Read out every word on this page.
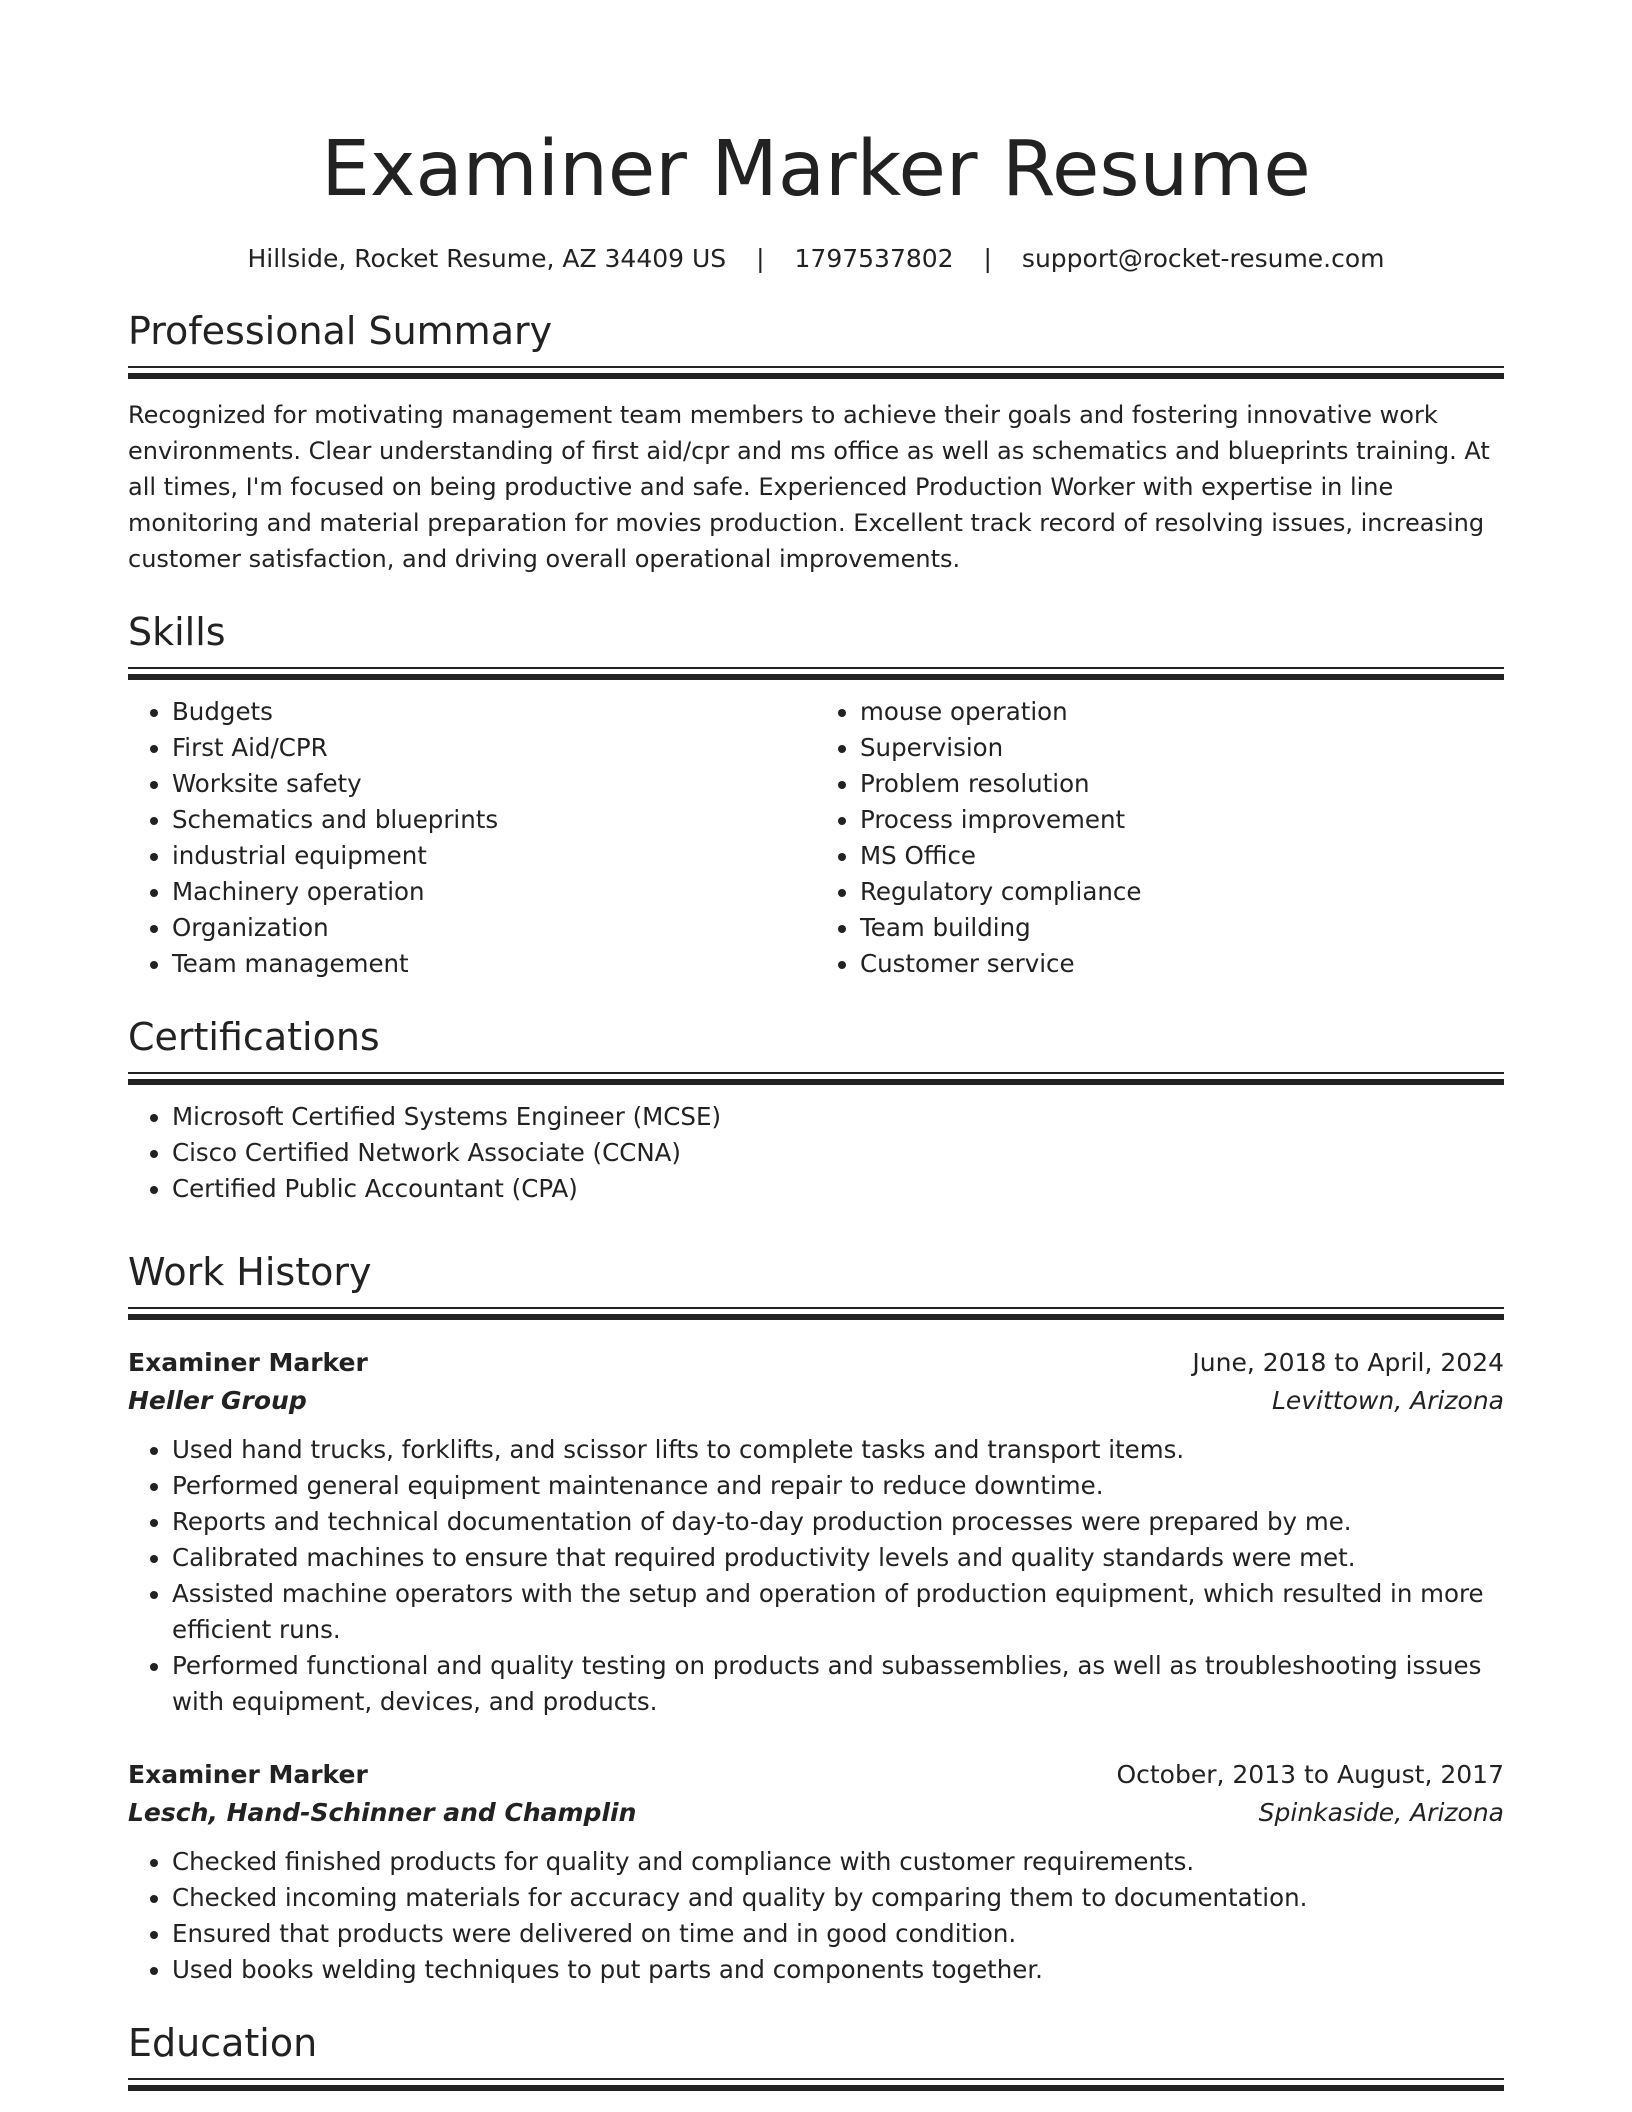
Examiner Marker Resume
Hillside, Rocket Resume, AZ 34409 US | 1797537802 | support@rocket-resume.com
Professional Summary
Recognized for motivating management team members to achieve their goals and fostering innovative work environments. Clear understanding of first aid/cpr and ms office as well as schematics and blueprints training. At all times, I'm focused on being productive and safe. Experienced Production Worker with expertise in line monitoring and material preparation for movies production. Excellent track record of resolving issues, increasing customer satisfaction, and driving overall operational improvements.
Skills
• Budgets
• First Aid/CPR
• Worksite safety
• Schematics and blueprints
• industrial equipment
• Machinery operation
• Organization
• Team management
• mouse operation
• Supervision
• Problem resolution
• Process improvement
• MS Office
• Regulatory compliance
• Team building
• Customer service
Certifications
• Microsoft Certified Systems Engineer (MCSE)
• Cisco Certified Network Associate (CCNA)
• Certified Public Accountant (CPA)
Work History
Examiner Marker	June, 2018 to April, 2024
Heller Group	Levittown, Arizona
• Used hand trucks, forklifts, and scissor lifts to complete tasks and transport items.
• Performed general equipment maintenance and repair to reduce downtime.
• Reports and technical documentation of day-to-day production processes were prepared by me.
• Calibrated machines to ensure that required productivity levels and quality standards were met.
• Assisted machine operators with the setup and operation of production equipment, which resulted in more efficient runs.
• Performed functional and quality testing on products and subassemblies, as well as troubleshooting issues with equipment, devices, and products.
Examiner Marker	October, 2013 to August, 2017
Lesch, Hand-Schinner and Champlin	Spinkaside, Arizona
• Checked finished products for quality and compliance with customer requirements.
• Checked incoming materials for accuracy and quality by comparing them to documentation.
• Ensured that products were delivered on time and in good condition.
• Used books welding techniques to put parts and components together.
Education
